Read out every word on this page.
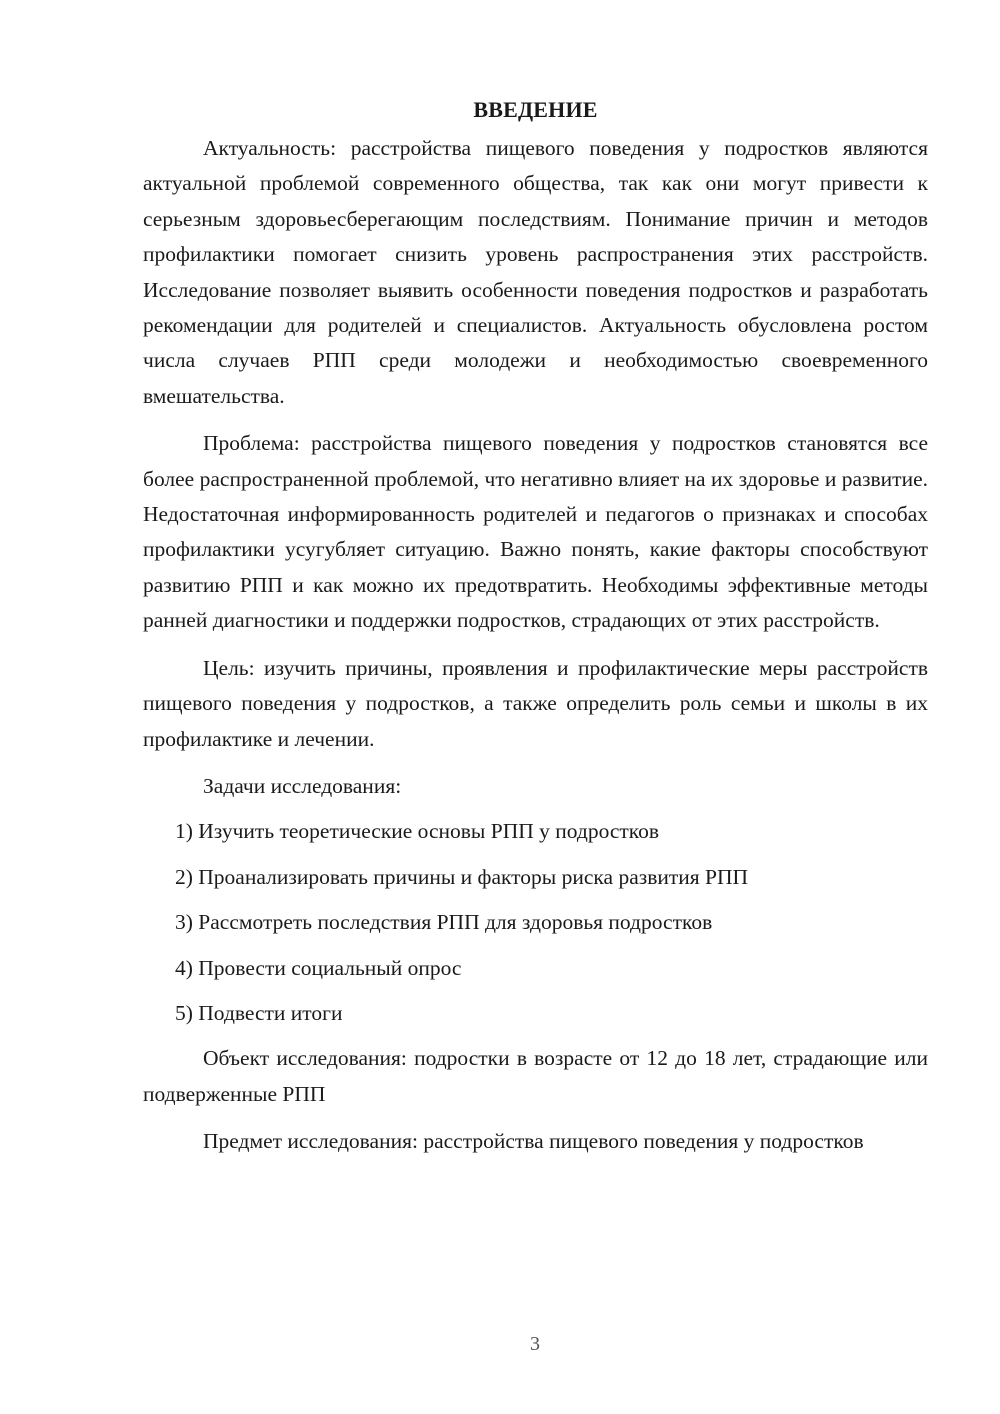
ВВЕДЕНИЕ

Актуальность: расстройства пищевого поведения у подростков являются актуальной проблемой современного общества, так как они могут привести к серьезным здоровьесберегающим последствиям. Понимание причин и методов профилактики помогает снизить уровень распространения этих расстройств. Исследование позволяет выявить особенности поведения подростков и разработать рекомендации для родителей и специалистов. Актуальность обусловлена ростом числа случаев РПП среди молодежи и необходимостью своевременного вмешательства.

Проблема: расстройства пищевого поведения у подростков становятся все более распространенной проблемой, что негативно влияет на их здоровье и развитие. Недостаточная информированность родителей и педагогов о признаках и способах профилактики усугубляет ситуацию. Важно понять, какие факторы способствуют развитию РПП и как можно их предотвратить. Необходимы эффективные методы ранней диагностики и поддержки подростков, страдающих от этих расстройств.

Цель: изучить причины, проявления и профилактические меры расстройств пищевого поведения у подростков, а также определить роль семьи и школы в их профилактике и лечении.

Задачи исследования:

1) Изучить теоретические основы РПП у подростков

2) Проанализировать причины и факторы риска развития РПП

3) Рассмотреть последствия РПП для здоровья подростков

4) Провести социальный опрос

5) Подвести итоги

Объект исследования: подростки в возрасте от 12 до 18 лет, страдающие или подверженные РПП

Предмет исследования: расстройства пищевого поведения у подростков

3
